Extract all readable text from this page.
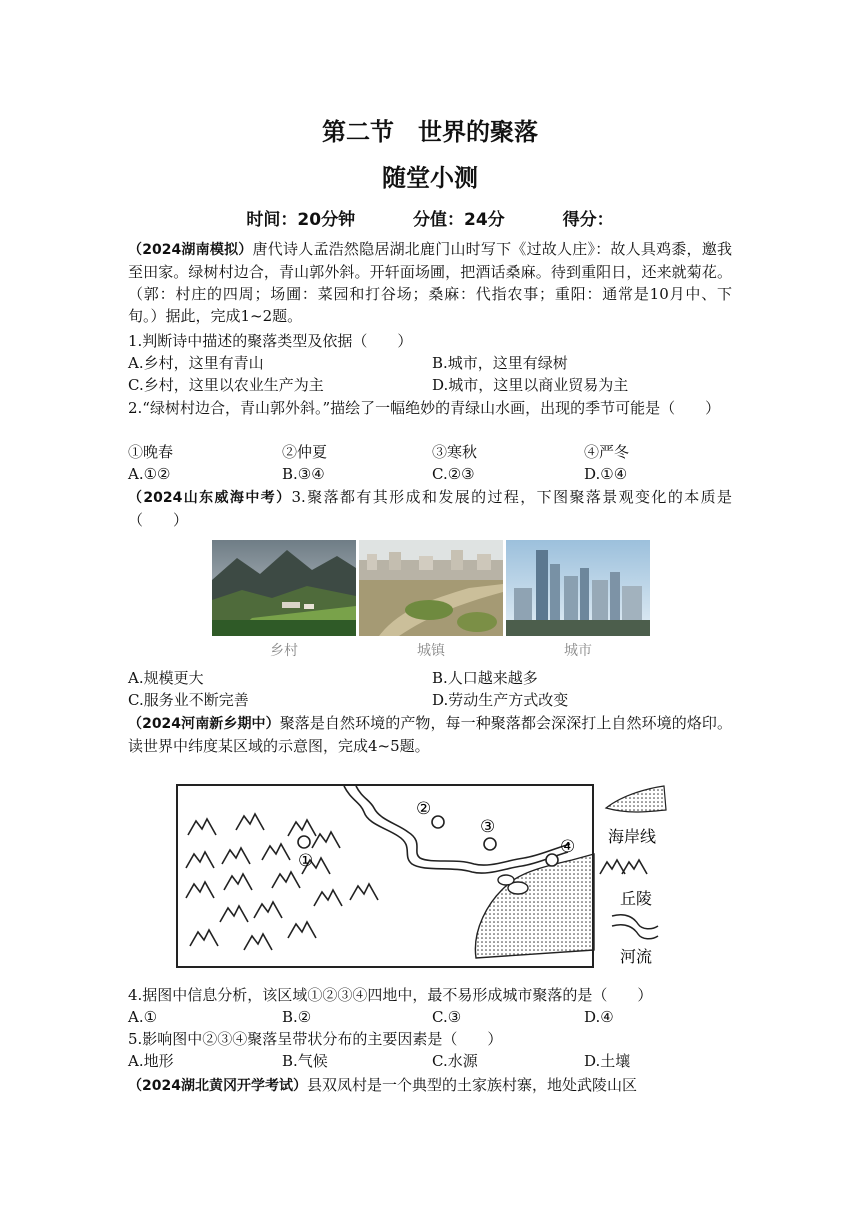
第二节　世界的聚落
随堂小测
时间：20分钟	分值：24分	得分：
（2024湖南模拟）唐代诗人孟浩然隐居湖北鹿门山时写下《过故人庄》：故人具鸡黍，邀我至田家。绿树村边合，青山郭外斜。开轩面场圃，把酒话桑麻。待到重阳日，还来就菊花。（郭：村庄的四周；场圃：菜园和打谷场；桑麻：代指农事；重阳：通常是10月中、下旬。）据此，完成1~2题。
1.判断诗中描述的聚落类型及依据（　　）
A.乡村，这里有青山	B.城市，这里有绿树
C.乡村，这里以农业生产为主	D.城市，这里以商业贸易为主
2.“绿树村边合，青山郭外斜。”描绘了一幅绝妙的青绿山水画，出现的季节可能是（　　）
①晚春	②仲夏	③寒秋	④严冬
A.①②	B.③④	C.②③	D.①④
（2024山东威海中考）3.聚落都有其形成和发展的过程，下图聚落景观变化的本质是（　　）
乡村	城镇	城市
A.规模更大	B.人口越来越多
C.服务业不断完善	D.劳动生产方式改变
（2024河南新乡期中）聚落是自然环境的产物，每一种聚落都会深深打上自然环境的烙印。读世界中纬度某区域的示意图，完成4~5题。
①
②
③
④
海岸线
丘陵
河流
4.据图中信息分析，该区域①②③④四地中，最不易形成城市聚落的是（　　）
A.①	B.②	C.③	D.④
5.影响图中②③④聚落呈带状分布的主要因素是（　　）
A.地形	B.气候	C.水源	D.土壤
（2024湖北黄冈开学考试）县双凤村是一个典型的土家族村寨，地处武陵山区
